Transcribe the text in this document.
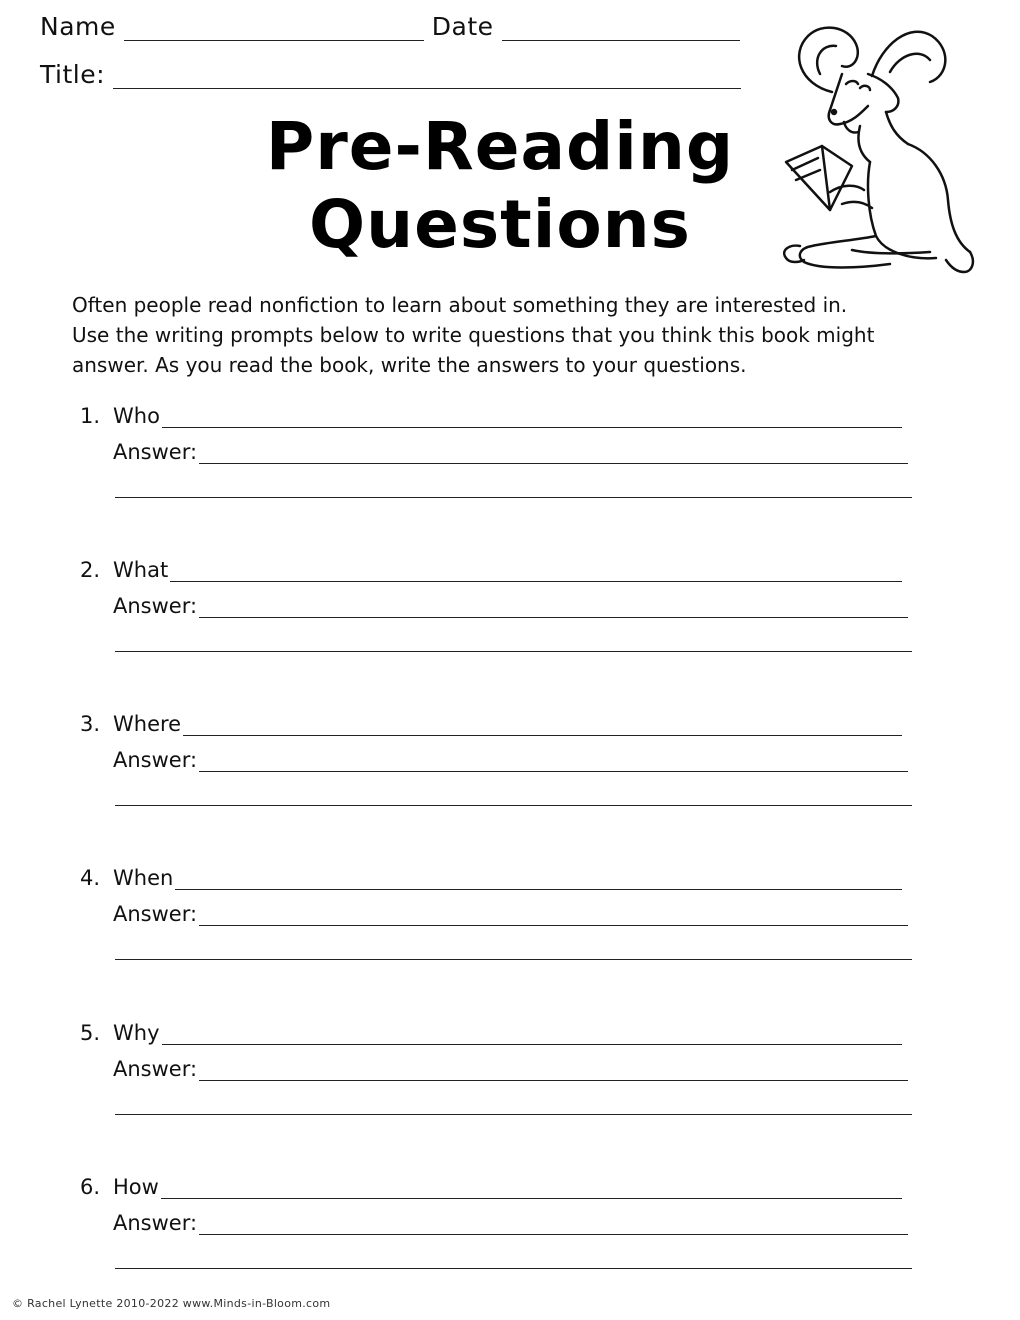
Name	Date
Title:
Pre-Reading
Questions
Often people read nonfiction to learn about something they are interested in. Use the writing prompts below to write questions that you think this book might answer. As you read the book, write the answers to your questions.
1. Who
Answer:
2. What
Answer:
3. Where
Answer:
4. When
Answer:
5. Why
Answer:
6. How
Answer:
© Rachel Lynette 2010-2022 www.Minds-in-Bloom.com
